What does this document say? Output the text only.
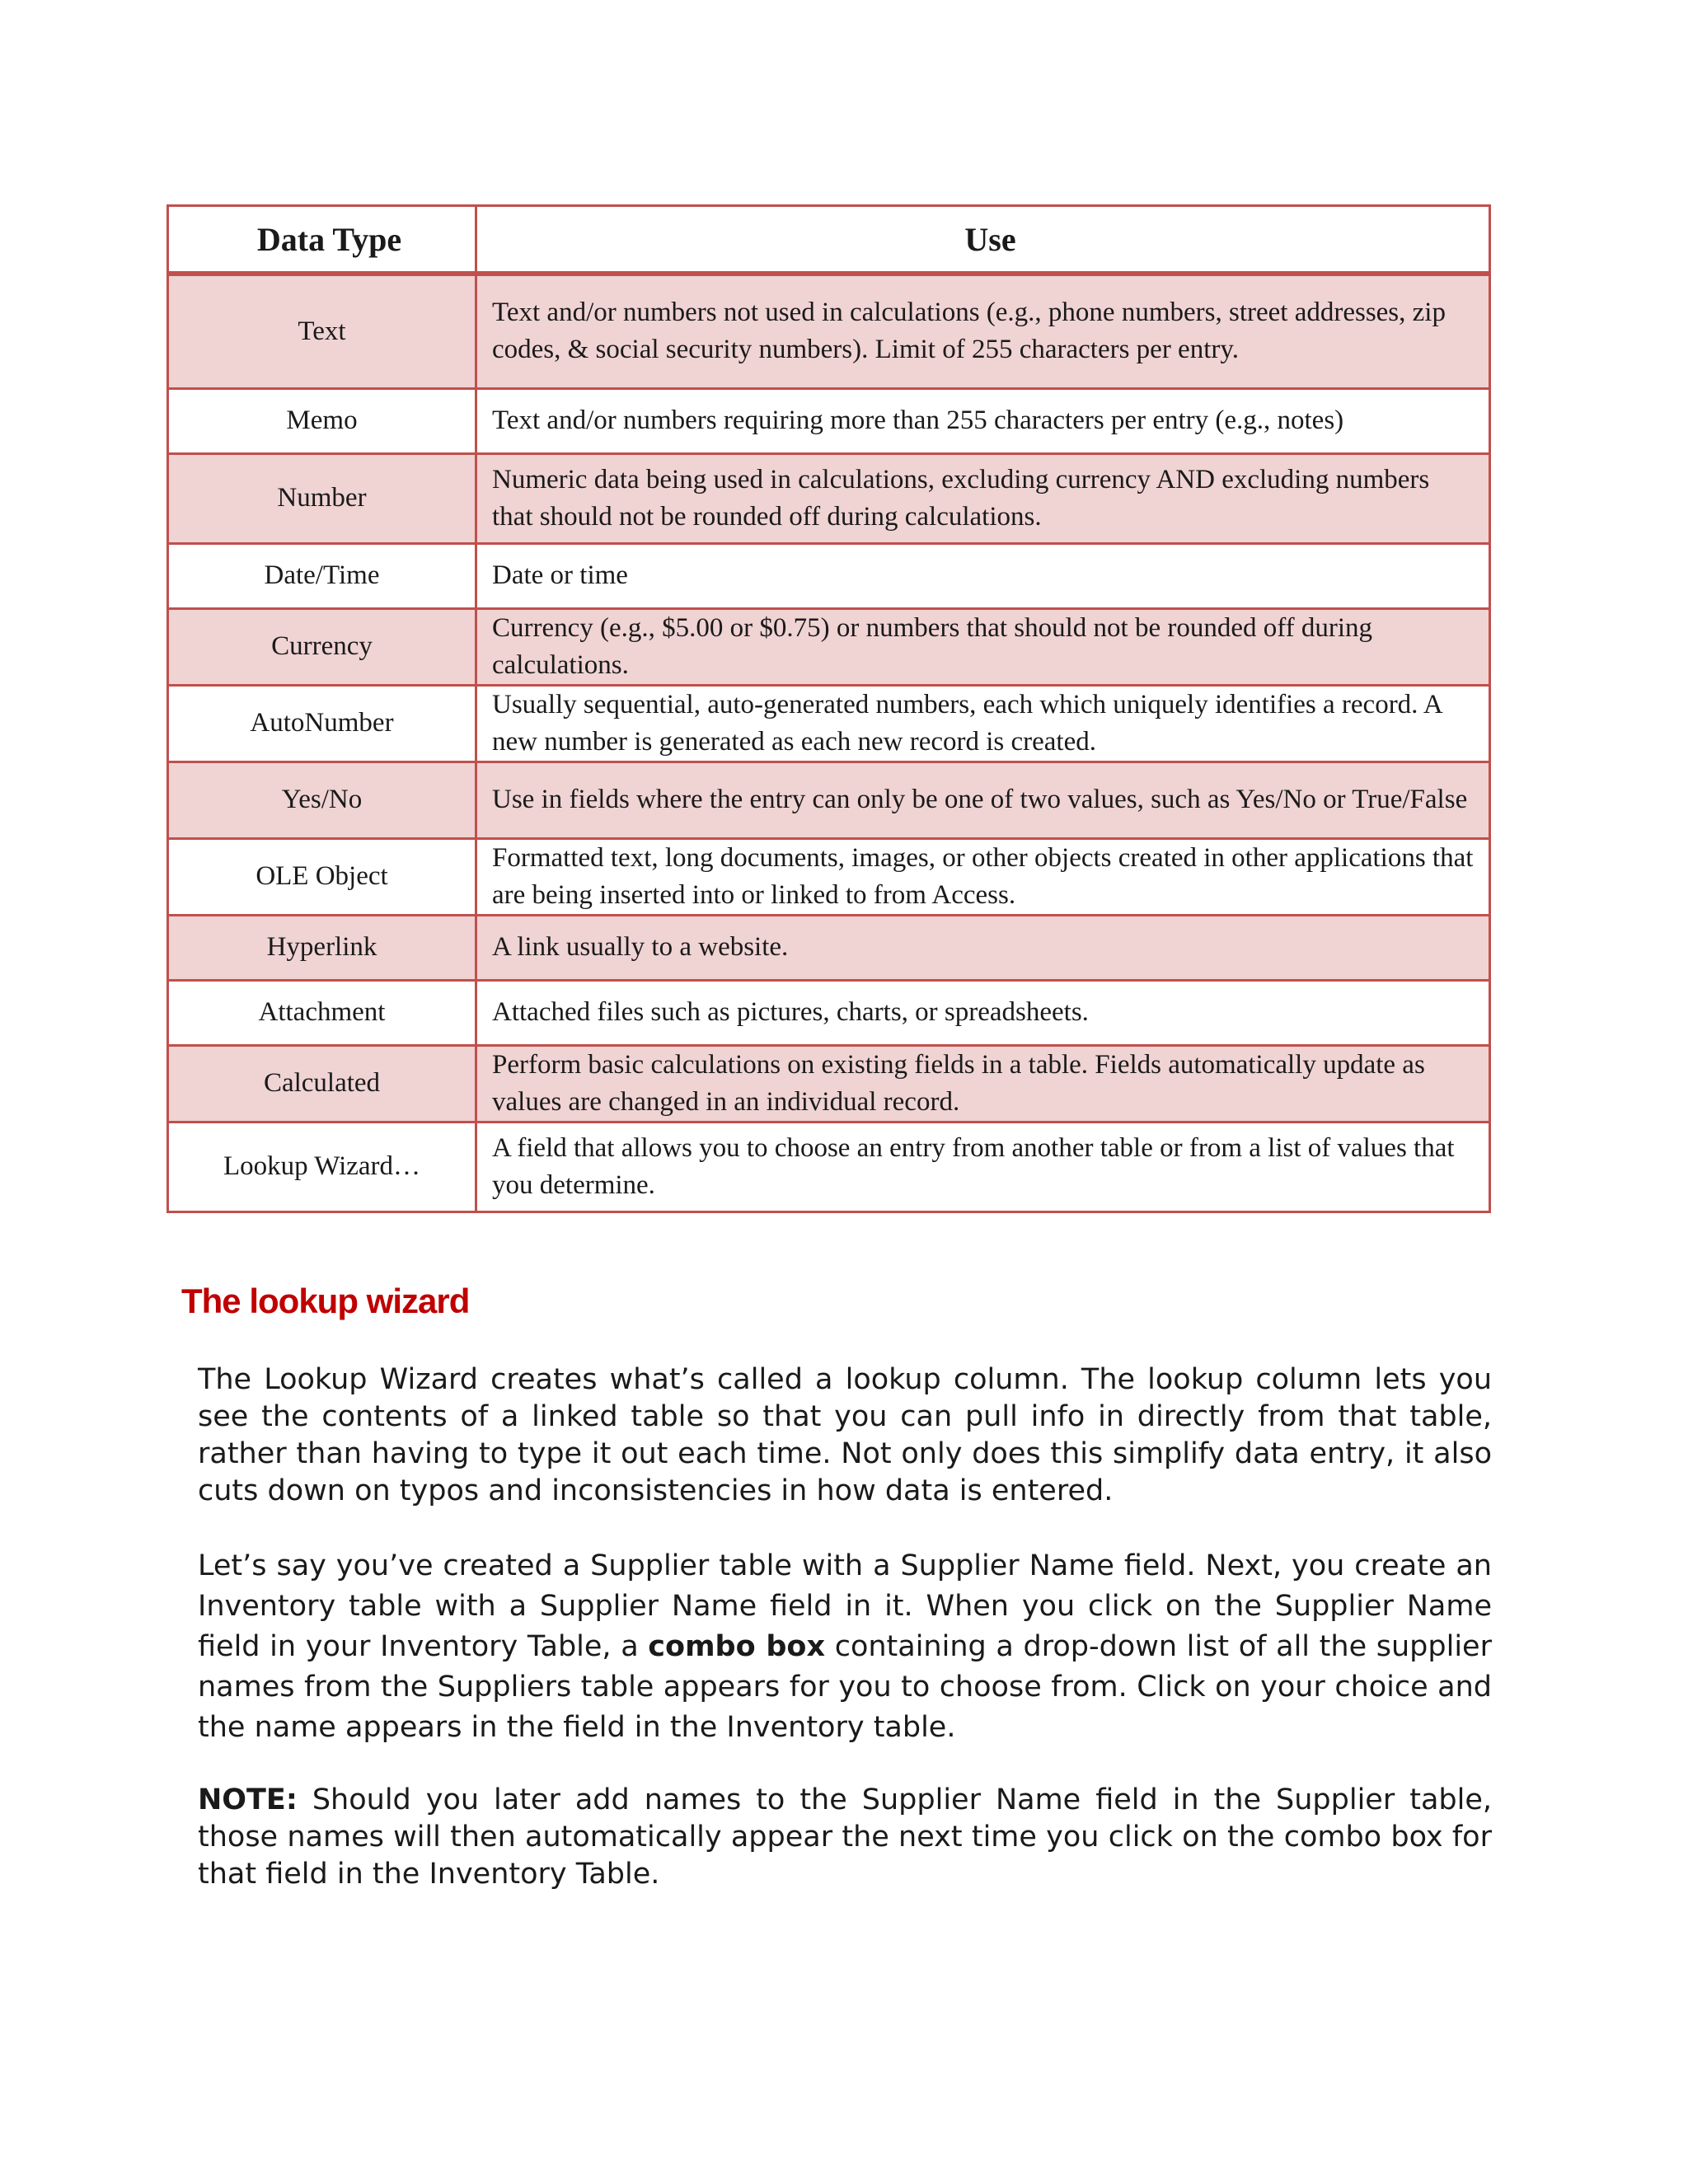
Data Type	Use
Text	Text and/or numbers not used in calculations (e.g., phone numbers, street addresses, zip codes, & social security numbers). Limit of 255 characters per entry.
Memo	Text and/or numbers requiring more than 255 characters per entry (e.g., notes)
Number	Numeric data being used in calculations, excluding currency AND excluding numbers that should not be rounded off during calculations.
Date/Time	Date or time
Currency	Currency (e.g., $5.00 or $0.75) or numbers that should not be rounded off during calculations.
AutoNumber	Usually sequential, auto-generated numbers, each which uniquely identifies a record. A new number is generated as each new record is created.
Yes/No	Use in fields where the entry can only be one of two values, such as Yes/No or True/False
OLE Object	Formatted text, long documents, images, or other objects created in other applications that are being inserted into or linked to from Access.
Hyperlink	A link usually to a website.
Attachment	Attached files such as pictures, charts, or spreadsheets.
Calculated	Perform basic calculations on existing fields in a table. Fields automatically update as values are changed in an individual record.
Lookup Wizard…	A field that allows you to choose an entry from another table or from a list of values that you determine.
The lookup wizard

The Lookup Wizard creates what’s called a lookup column. The lookup column lets you see the contents of a linked table so that you can pull info in directly from that table, rather than having to type it out each time. Not only does this simplify data entry, it also cuts down on typos and inconsistencies in how data is entered.

Let’s say you’ve created a Supplier table with a Supplier Name field. Next, you create an Inventory table with a Supplier Name field in it. When you click on the Supplier Name field in your Inventory Table, a combo box containing a drop-down list of all the supplier names from the Suppliers table appears for you to choose from. Click on your choice and the name appears in the field in the Inventory table.

NOTE: Should you later add names to the Supplier Name field in the Supplier table, those names will then automatically appear the next time you click on the combo box for that field in the Inventory Table.
